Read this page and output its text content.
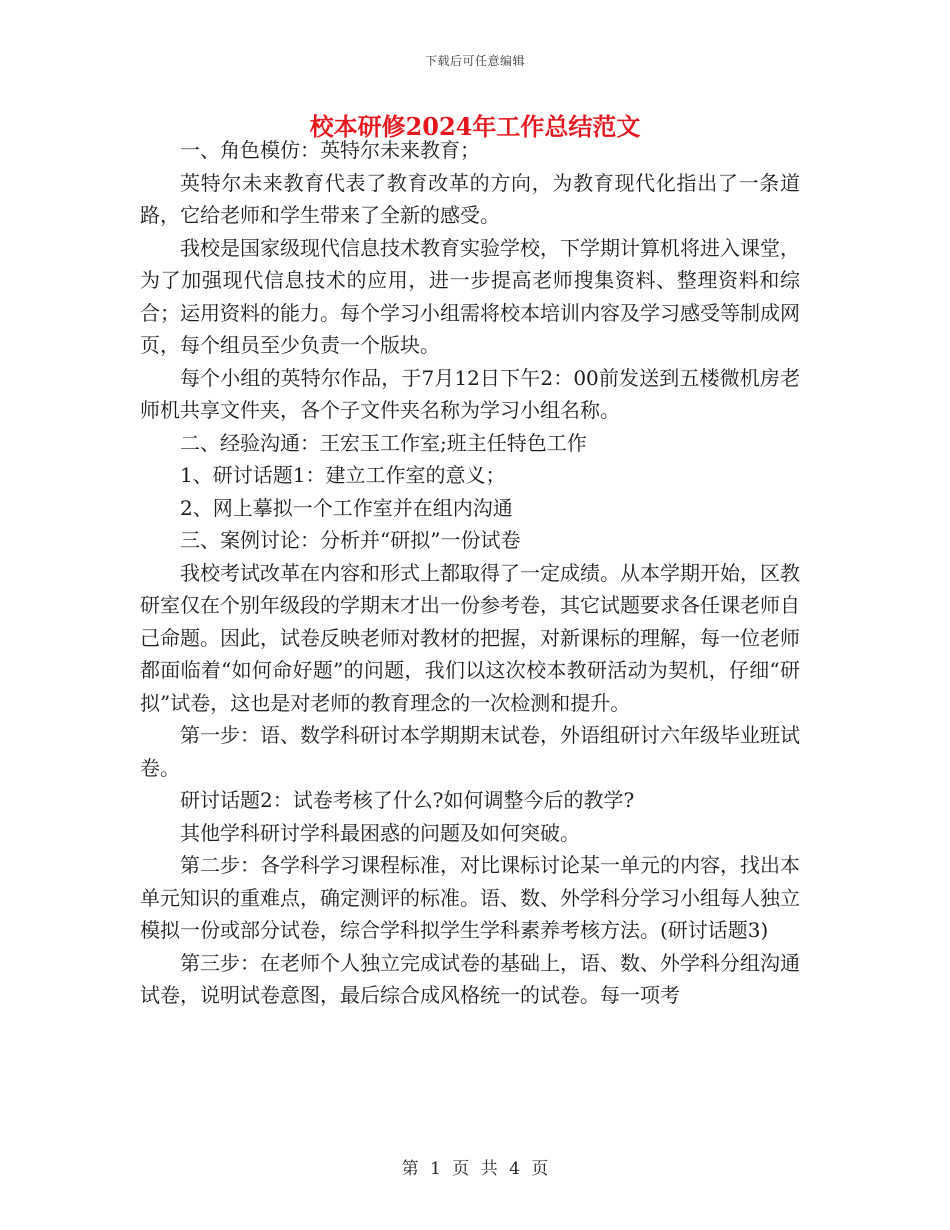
下载后可任意编辑
校本研修2024年工作总结范文

一、角色模仿：英特尔未来教育；

英特尔未来教育代表了教育改革的方向，为教育现代化指出了一条道路，它给老师和学生带来了全新的感受。

我校是国家级现代信息技术教育实验学校，下学期计算机将进入课堂，为了加强现代信息技术的应用，进一步提高老师搜集资料、整理资料和综合；运用资料的能力。每个学习小组需将校本培训内容及学习感受等制成网页，每个组员至少负责一个版块。

每个小组的英特尔作品，于7月12日下午2：00前发送到五楼微机房老师机共享文件夹，各个子文件夹名称为学习小组名称。

二、经验沟通：王宏玉工作室;班主任特色工作

1、研讨话题1：建立工作室的意义；

2、网上摹拟一个工作室并在组内沟通

三、案例讨论：分析并“研拟”一份试卷

我校考试改革在内容和形式上都取得了一定成绩。从本学期开始，区教研室仅在个别年级段的学期末才出一份参考卷，其它试题要求各任课老师自己命题。因此，试卷反映老师对教材的把握，对新课标的理解，每一位老师都面临着“如何命好题”的问题，我们以这次校本教研活动为契机，仔细“研拟”试卷，这也是对老师的教育理念的一次检测和提升。

第一步：语、数学科研讨本学期期末试卷，外语组研讨六年级毕业班试卷。

研讨话题2：试卷考核了什么?如何调整今后的教学?

其他学科研讨学科最困惑的问题及如何突破。

第二步：各学科学习课程标准，对比课标讨论某一单元的内容，找出本单元知识的重难点，确定测评的标准。语、数、外学科分学习小组每人独立模拟一份或部分试卷，综合学科拟学生学科素养考核方法。(研讨话题3)

第三步：在老师个人独立完成试卷的基础上，语、数、外学科分组沟通试卷，说明试卷意图，最后综合成风格统一的试卷。每一项考

第 1 页 共 4 页
